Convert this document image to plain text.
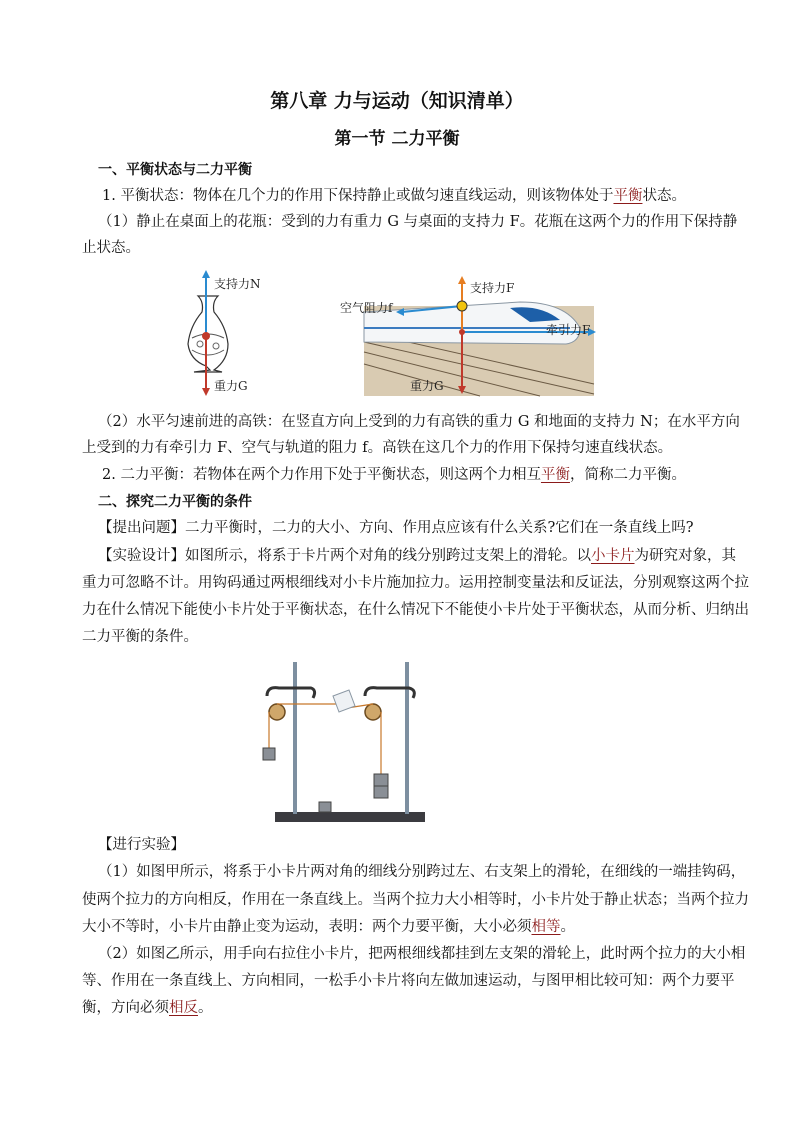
第八章 力与运动（知识清单）
第一节 二力平衡
一、平衡状态与二力平衡
1. 平衡状态：物体在几个力的作用下保持静止或做匀速直线运动，则该物体处于平衡状态。
（1）静止在桌面上的花瓶：受到的力有重力 G 与桌面的支持力 F。花瓶在这两个力的作用下保持静
止状态。
支持力N
重力G
支持力F
空气阻力f
牵引力F
重力G
（2）水平匀速前进的高铁：在竖直方向上受到的力有高铁的重力 G 和地面的支持力 N；在水平方向
上受到的力有牵引力 F、空气与轨道的阻力 f。高铁在这几个力的作用下保持匀速直线状态。
2. 二力平衡：若物体在两个力作用下处于平衡状态，则这两个力相互平衡，简称二力平衡。
二、探究二力平衡的条件
【提出问题】二力平衡时，二力的大小、方向、作用点应该有什么关系?它们在一条直线上吗?
【实验设计】如图所示，将系于卡片两个对角的线分别跨过支架上的滑轮。以小卡片为研究对象，其
重力可忽略不计。用钩码通过两根细线对小卡片施加拉力。运用控制变量法和反证法，分别观察这两个拉
力在什么情况下能使小卡片处于平衡状态，在什么情况下不能使小卡片处于平衡状态，从而分析、归纳出
二力平衡的条件。
【进行实验】
（1）如图甲所示，将系于小卡片两对角的细线分别跨过左、右支架上的滑轮，在细线的一端挂钩码，
使两个拉力的方向相反，作用在一条直线上。当两个拉力大小相等时，小卡片处于静止状态；当两个拉力
大小不等时，小卡片由静止变为运动，表明：两个力要平衡，大小必须相等。
（2）如图乙所示，用手向右拉住小卡片，把两根细线都挂到左支架的滑轮上，此时两个拉力的大小相
等、作用在一条直线上、方向相同，一松手小卡片将向左做加速运动，与图甲相比较可知：两个力要平
衡，方向必须相反。
